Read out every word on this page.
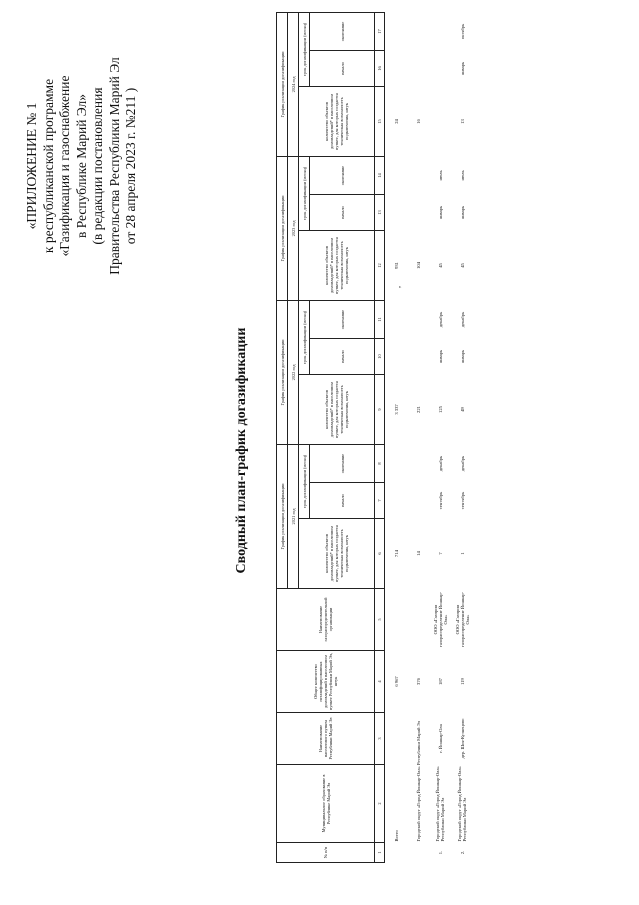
«ПРИЛОЖЕНИЕ № 1 к республиканской программе «Газификация и газоснабжение в Республике Марий Эл» (в редакции постановления Правительства Республики Марий Эл от 28 апреля 2023 г. №211 )
Сводный план-график догазификации
№ п/п	Муниципальное образование в Республике Марий Эл	Наименование населенного пункта Республики Марий Эл	Общее количество негазифицированных домовладений в населенном пункте Республики Марий Эл, штук	Наименование газораспределительной организации	График реализации догазификации			График реализации догазификации			График реализации догазификации			График реализации догазификации		
					2021 год			2022 год			2023 год			2024 год		
					количество объектов домовладений* в населенном пункте, для которых создается техническая возможность подключения, штук	срок догазификации (месяц)		количество объектов домовладений* в населенном пункте, для которых создается техническая возможность подключения, штук	срок догазификации (месяц)		количество объектов домовладений* в населенном пункте, для которых создается техническая возможность подключения, штук	срок догазификации (месяц)		количество объектов домовладений* в населенном пункте, для которых создается техническая возможность подключения, штук	срок догазификации (месяц)	
						начало	окончание		начало	окончание		начало	окончание		начало	окончание
1	2	3	4	5	6	7	8	9	10	11	12	13	14	15	16	17
	Всего		6 967		714			3 337			931			24		
	Городской округ «Город Йошкар-Ола» Республики Марий Эл		376		14			221			104			16		
1.	Городской округ «Город Йошкар-Ола» Республики Марий Эл	г. Йошкар-Ола	187	ООО «Газпром газораспределение Йошкар-Ола»	7	сентябрь	декабрь	125	январь	декабрь	45	январь	июль			
2.	Городской округ «Город Йошкар-Ола» Республики Марий Эл	дер. Шоя-Кузнецово	119	ООО «Газпром газораспределение Йошкар-Ола»	1	сентябрь	декабрь	49	январь	декабрь	45	январь	июль	13	январь	октябрь
,
